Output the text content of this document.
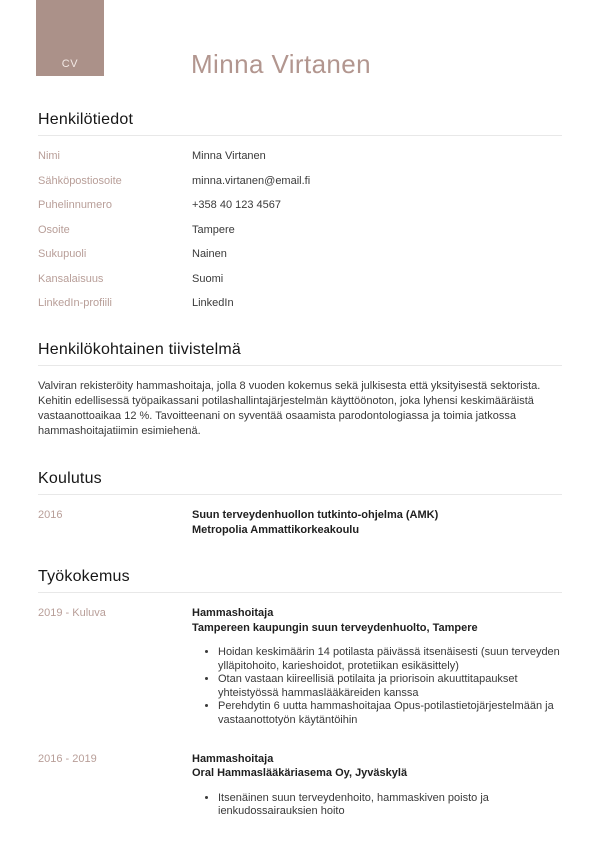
CV	Minna Virtanen
Henkilötiedot
Nimi	Minna Virtanen
Sähköpostiosoite	minna.virtanen@email.fi
Puhelinnumero	+358 40 123 4567
Osoite	Tampere
Sukupuoli	Nainen
Kansalaisuus	Suomi
LinkedIn-profiili	LinkedIn
Henkilökohtainen tiivistelmä

Valviran rekisteröity hammashoitaja, jolla 8 vuoden kokemus sekä julkisesta että yksityisestä sektorista. Kehitin edellisessä työpaikassani potilashallintajärjestelmän käyttöönoton, joka lyhensi keskimääräistä vastaanottoaikaa 12 %. Tavoitteenani on syventää osaamista parodontologiassa ja toimia jatkossa hammashoitajatiimin esimiehenä.

Koulutus
2016	Suun terveydenhuollon tutkinto-ohjelma (AMK)
Metropolia Ammattikorkeakoulu
Työkokemus
2019 - Kuluva	Hammashoitaja
Tampereen kaupungin suun terveydenhuolto, Tampere
• Hoidan keskimäärin 14 potilasta päivässä itsenäisesti (suun terveyden ylläpitohoito, karieshoidot, protetiikan esikäsittely)
• Otan vastaan kiireellisiä potilaita ja priorisoin akuuttitapaukset yhteistyössä hammaslääkäreiden kanssa
• Perehdytin 6 uutta hammashoitajaa Opus-potilastietojärjestelmään ja vastaanottotyön käytäntöihin
2016 - 2019	Hammashoitaja
Oral Hammaslääkäriasema Oy, Jyväskylä
• Itsenäinen suun terveydenhoito, hammaskiven poisto ja ienkudossairauksien hoito
